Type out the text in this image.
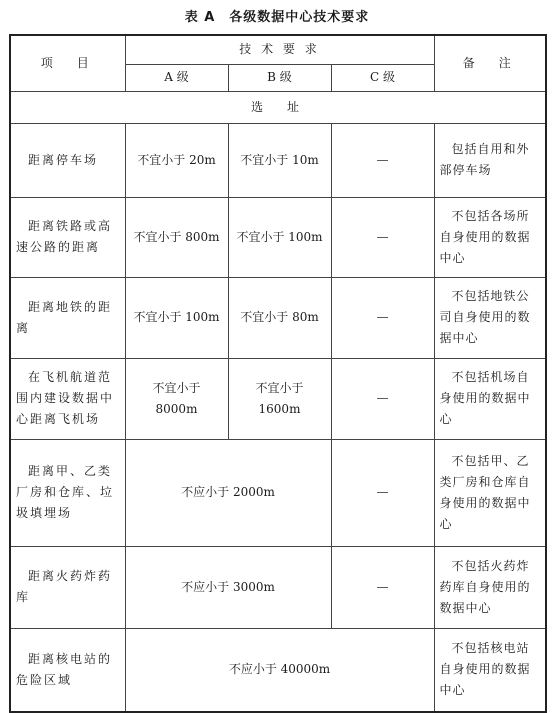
表 A　各级数据中心技术要求
项　目	技 术 要 求			备　注
	A 级	B 级	C 级	
选　址				
距离停车场	不宜小于 20m	不宜小于 10m	—	包括自用和外部停车场
距离铁路或高速公路的距离	不宜小于 800m	不宜小于 100m	—	不包括各场所自身使用的数据中心
距离地铁的距离	不宜小于 100m	不宜小于 80m	—	不包括地铁公司自身使用的数据中心
在飞机航道范围内建设数据中心距离飞机场	不宜小于 8000m	不宜小于 1600m	—	不包括机场自身使用的数据中心
距离甲、乙类厂房和仓库、垃圾填埋场	不应小于 2000m		—	不包括甲、乙类厂房和仓库自身使用的数据中心
距离火药炸药库	不应小于 3000m		—	不包括火药炸药库自身使用的数据中心
距离核电站的危险区域	不应小于 40000m			不包括核电站自身使用的数据中心
